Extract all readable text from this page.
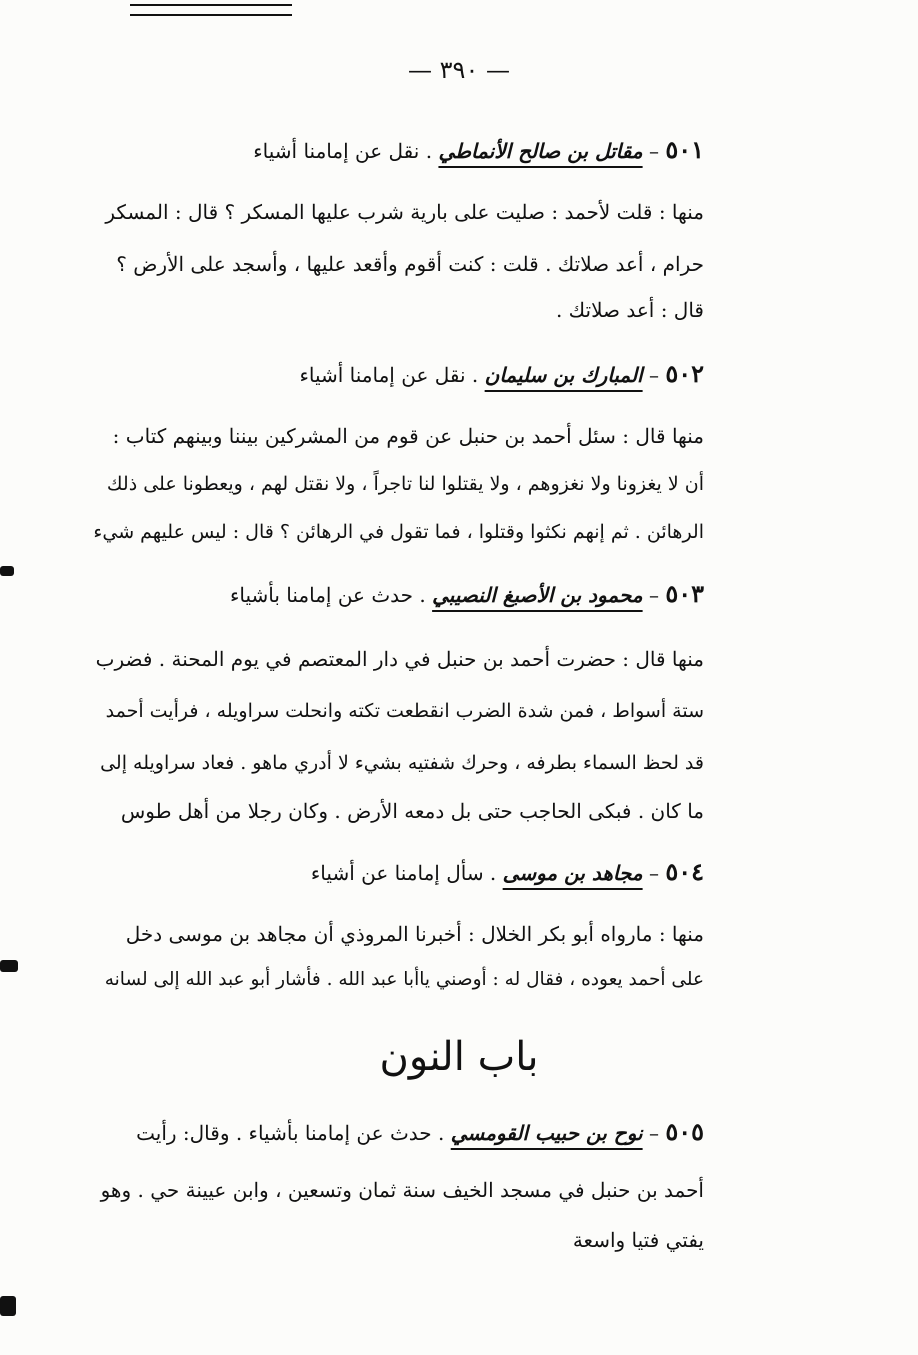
— ٣٩٠ —
٥٠١ – مقاتل بن صالح الأنماطي . نقل عن إمامنا أشياء
منها : قلت لأحمد : صليت على بارية شرب عليها المسكر ؟ قال : المسكر
حرام ، أعد صلاتك . قلت : كنت أقوم وأقعد عليها ، وأسجد على الأرض ؟
قال : أعد صلاتك .
٥٠٢ – المبارك بن سليمان . نقل عن إمامنا أشياء
منها قال : سئل أحمد بن حنبل عن قوم من المشركين بيننا وبينهم كتاب :
أن لا يغزونا ولا نغزوهم ، ولا يقتلوا لنا تاجراً ، ولا نقتل لهم ، ويعطونا على ذلك
الرهائن . ثم إنهم نكثوا وقتلوا ، فما تقول في الرهائن ؟ قال : ليس عليهم شيء
٥٠٣ – محمود بن الأصبغ النصيبي . حدث عن إمامنا بأشياء
منها قال : حضرت أحمد بن حنبل في دار المعتصم في يوم المحنة . فضرب
ستة أسواط ، فمن شدة الضرب انقطعت تكته وانحلت سراويله ، فرأيت أحمد
قد لحظ السماء بطرفه ، وحرك شفتيه بشيء لا أدري ماهو . فعاد سراويله إلى
ما كان . فبكى الحاجب حتى بل دمعه الأرض . وكان رجلا من أهل طوس
٥٠٤ – مجاهد بن موسى . سأل إمامنا عن أشياء
منها : مارواه أبو بكر الخلال : أخبرنا المروذي أن مجاهد بن موسى دخل
على أحمد يعوده ، فقال له : أوصني ياأبا عبد الله . فأشار أبو عبد الله إلى لسانه
باب النون
٥٠٥ – نوح بن حبيب القومسي . حدث عن إمامنا بأشياء . وقال: رأيت
أحمد بن حنبل في مسجد الخيف سنة ثمان وتسعين ، وابن عيينة حي . وهو
يفتي فتيا واسعة
